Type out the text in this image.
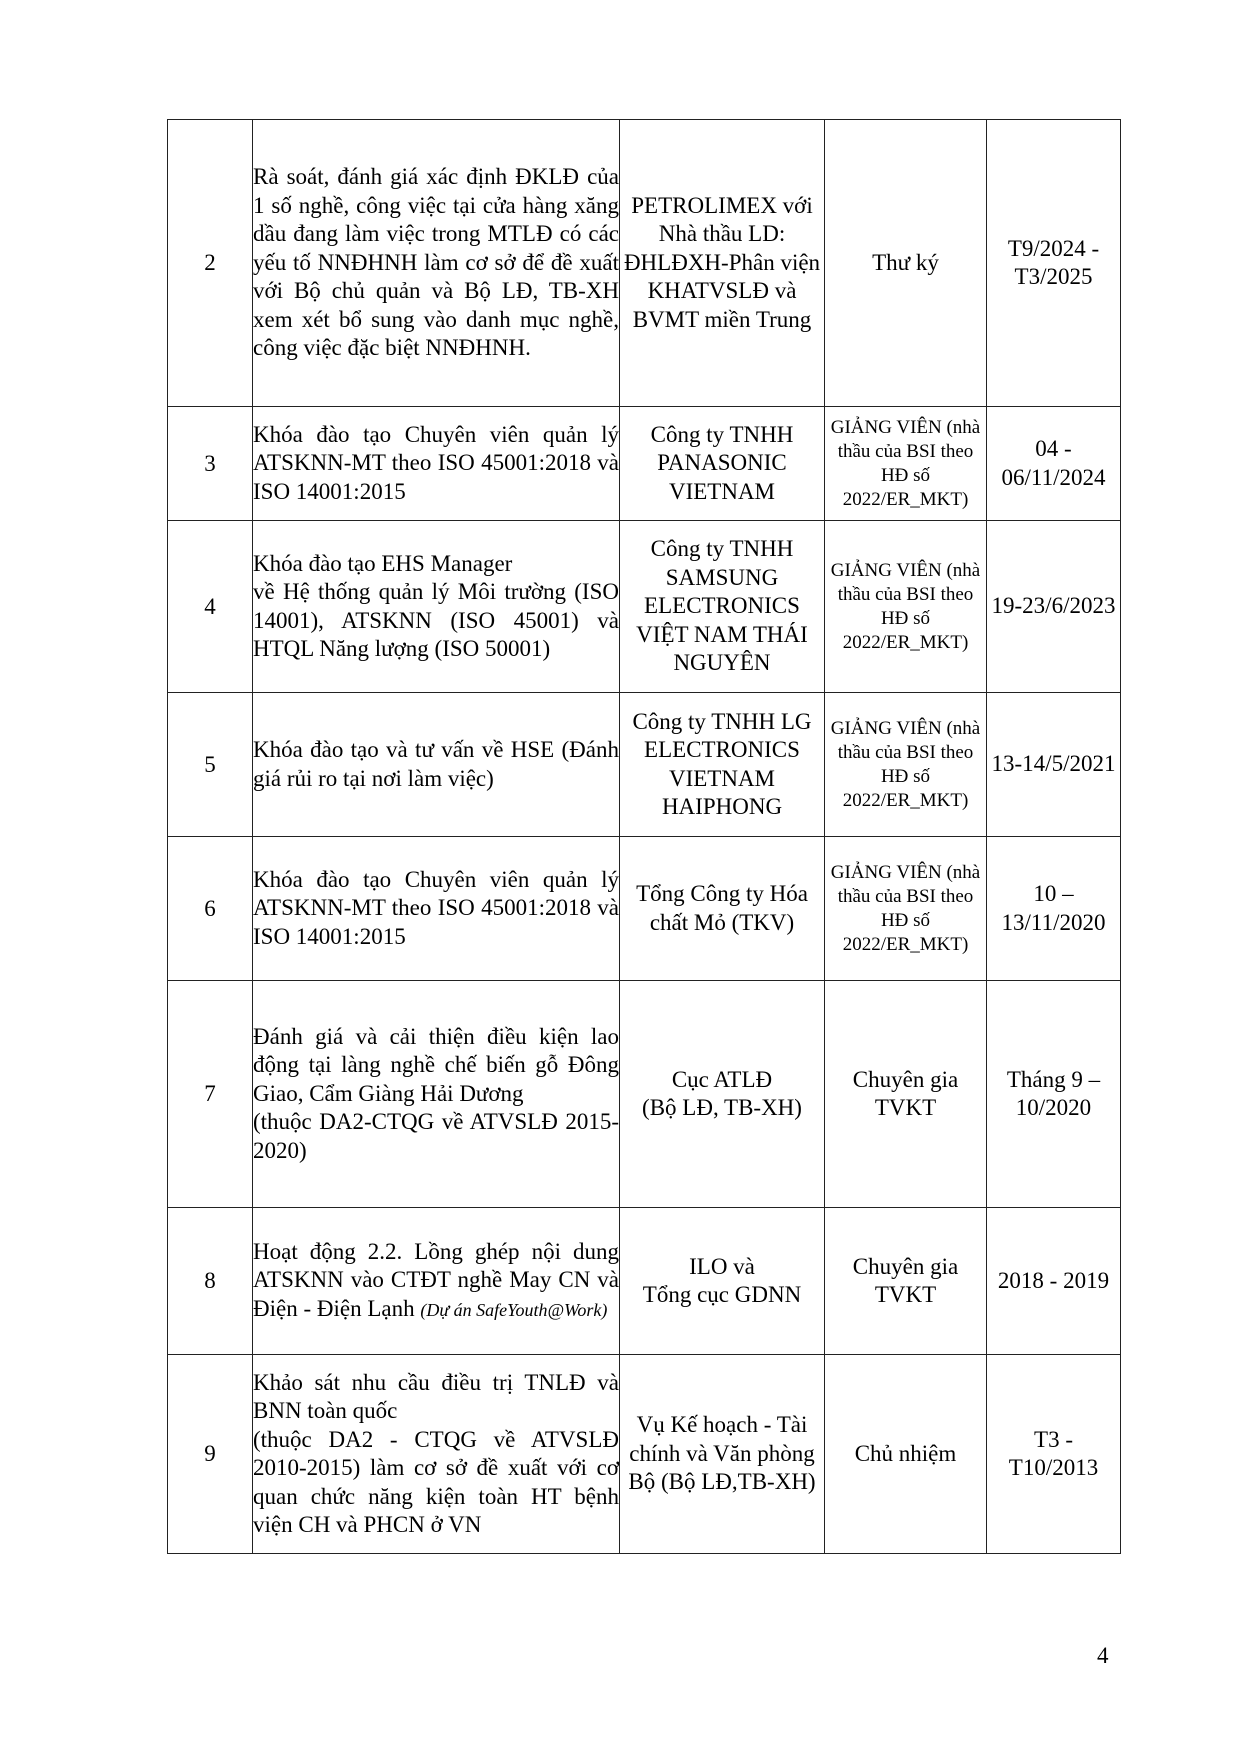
2	Rà soát, đánh giá xác định ĐKLĐ của 1 số nghề, công việc tại cửa hàng xăng dầu đang làm việc trong MTLĐ có các yếu tố NNĐHNH làm cơ sở để đề xuất với Bộ chủ quản và Bộ LĐ, TB-XH xem xét bổ sung vào danh mục nghề, công việc đặc biệt NNĐHNH.	PETROLIMEX với Nhà thầu LD: ĐHLĐXH-Phân viện KHATVSLĐ và BVMT miền Trung	Thư ký	T9/2024 - T3/2025
3	Khóa đào tạo Chuyên viên quản lý ATSKNN-MT theo ISO 45001:2018 và ISO 14001:2015	Công ty TNHH PANASONIC VIETNAM	GIẢNG VIÊN (nhà thầu của BSI theo HĐ số 2022/ER_MKT)	04 - 06/11/2024
4	Khóa đào tạo EHS Manager
về Hệ thống quản lý Môi trường (ISO 14001), ATSKNN (ISO 45001) và HTQL Năng lượng (ISO 50001)	Công ty TNHH SAMSUNG ELECTRONICS VIỆT NAM THÁI NGUYÊN	GIẢNG VIÊN (nhà thầu của BSI theo HĐ số 2022/ER_MKT)	19-23/6/2023
5	Khóa đào tạo và tư vấn về HSE (Đánh giá rủi ro tại nơi làm việc)	Công ty TNHH LG ELECTRONICS VIETNAM HAIPHONG	GIẢNG VIÊN (nhà thầu của BSI theo HĐ số 2022/ER_MKT)	13-14/5/2021
6	Khóa đào tạo Chuyên viên quản lý ATSKNN-MT theo ISO 45001:2018 và ISO 14001:2015	Tổng Công ty Hóa chất Mỏ (TKV)	GIẢNG VIÊN (nhà thầu của BSI theo HĐ số 2022/ER_MKT)	10 – 13/11/2020
7	Đánh giá và cải thiện điều kiện lao động tại làng nghề chế biến gỗ Đông Giao, Cẩm Giàng Hải Dương
(thuộc DA2-CTQG về ATVSLĐ 2015-2020)	Cục ATLĐ
(Bộ LĐ, TB-XH)	Chuyên gia TVKT	Tháng 9 – 10/2020
8	Hoạt động 2.2. Lồng ghép nội dung ATSKNN vào CTĐT nghề May CN và Điện - Điện Lạnh (Dự án SafeYouth@Work)	ILO và
Tổng cục GDNN	Chuyên gia TVKT	2018 - 2019
9	Khảo sát nhu cầu điều trị TNLĐ và BNN toàn quốc
(thuộc DA2 - CTQG về ATVSLĐ 2010-2015) làm cơ sở đề xuất với cơ quan chức năng kiện toàn HT bệnh viện CH và PHCN ở VN	Vụ Kế hoạch - Tài chính và Văn phòng Bộ (Bộ LĐ,TB-XH)	Chủ nhiệm	T3 - T10/2013
4
